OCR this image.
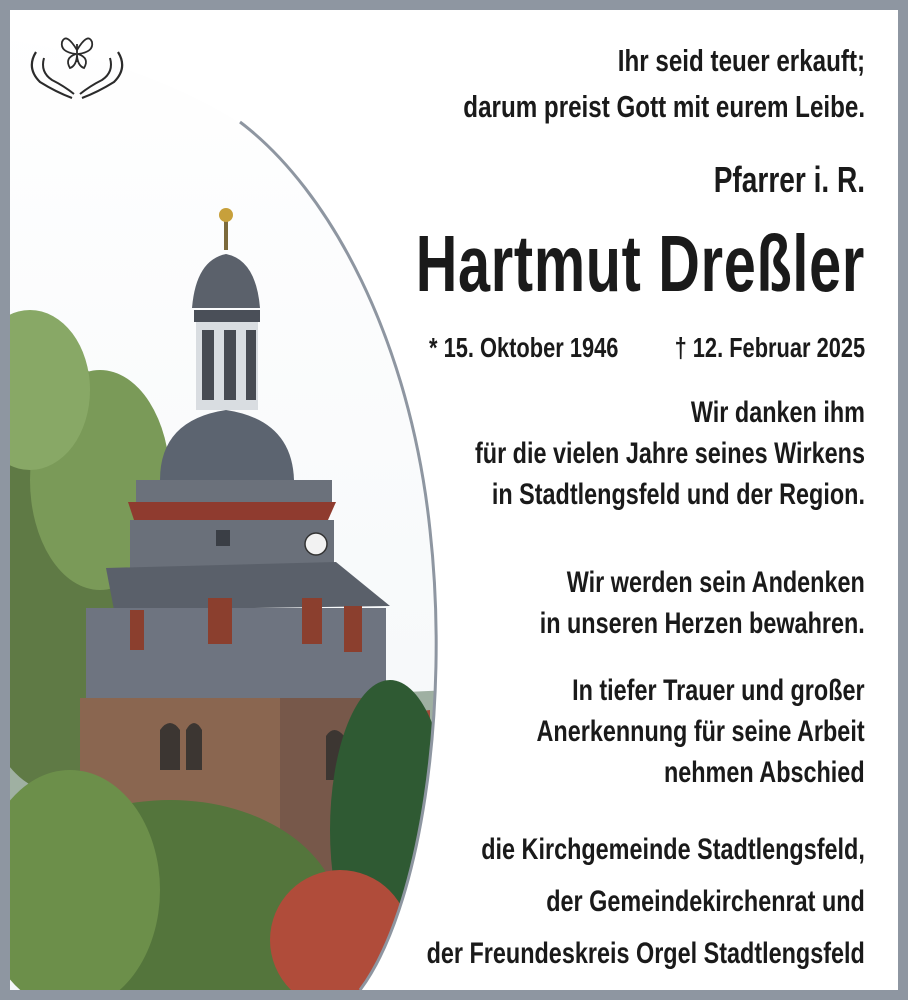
Ihr seid teuer erkauft;
darum preist Gott mit eurem Leibe.
Pfarrer i. R.
Hartmut Dreßler
* 15. Oktober 1946 † 12. Februar 2025
Wir danken ihm
für die vielen Jahre seines Wirkens
in Stadtlengsfeld und der Region.
Wir werden sein Andenken
in unseren Herzen bewahren.
In tiefer Trauer und großer
Anerkennung für seine Arbeit
nehmen Abschied
die Kirchgemeinde Stadtlengsfeld,
der Gemeindekirchenrat und
der Freundeskreis Orgel Stadtlengsfeld
